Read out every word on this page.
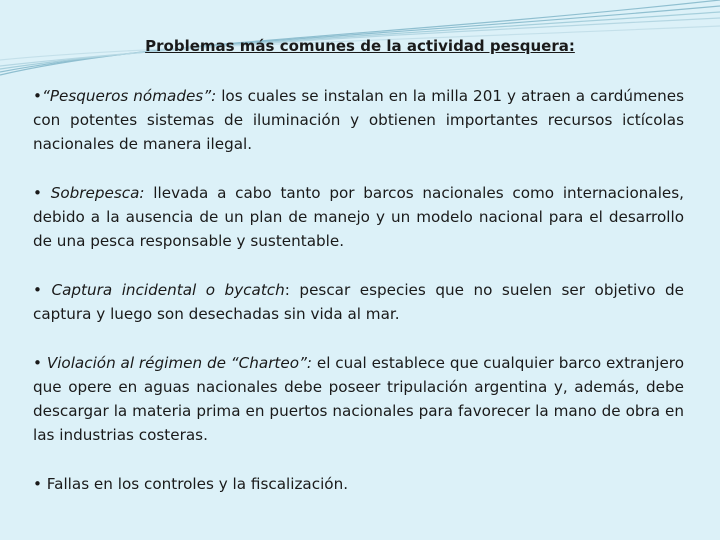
Problemas más comunes de la actividad pesquera:

•“Pesqueros nómades”: los cuales se instalan en la milla 201 y atraen a cardúmenes con potentes sistemas de iluminación y obtienen importantes recursos ictícolas nacionales de manera ilegal.

• Sobrepesca: llevada a cabo tanto por barcos nacionales como internacionales, debido a la ausencia de un plan de manejo y un modelo nacional para el desarrollo de una pesca responsable y sustentable.

• Captura incidental o bycatch: pescar especies que no suelen ser objetivo de captura y luego son desechadas sin vida al mar.

• Violación al régimen de “Charteo”: el cual establece que cualquier barco extranjero que opere en aguas nacionales debe poseer tripulación argentina y, además, debe descargar la materia prima en puertos nacionales para favorecer la mano de obra en las industrias costeras.

• Fallas en los controles y la fiscalización.
